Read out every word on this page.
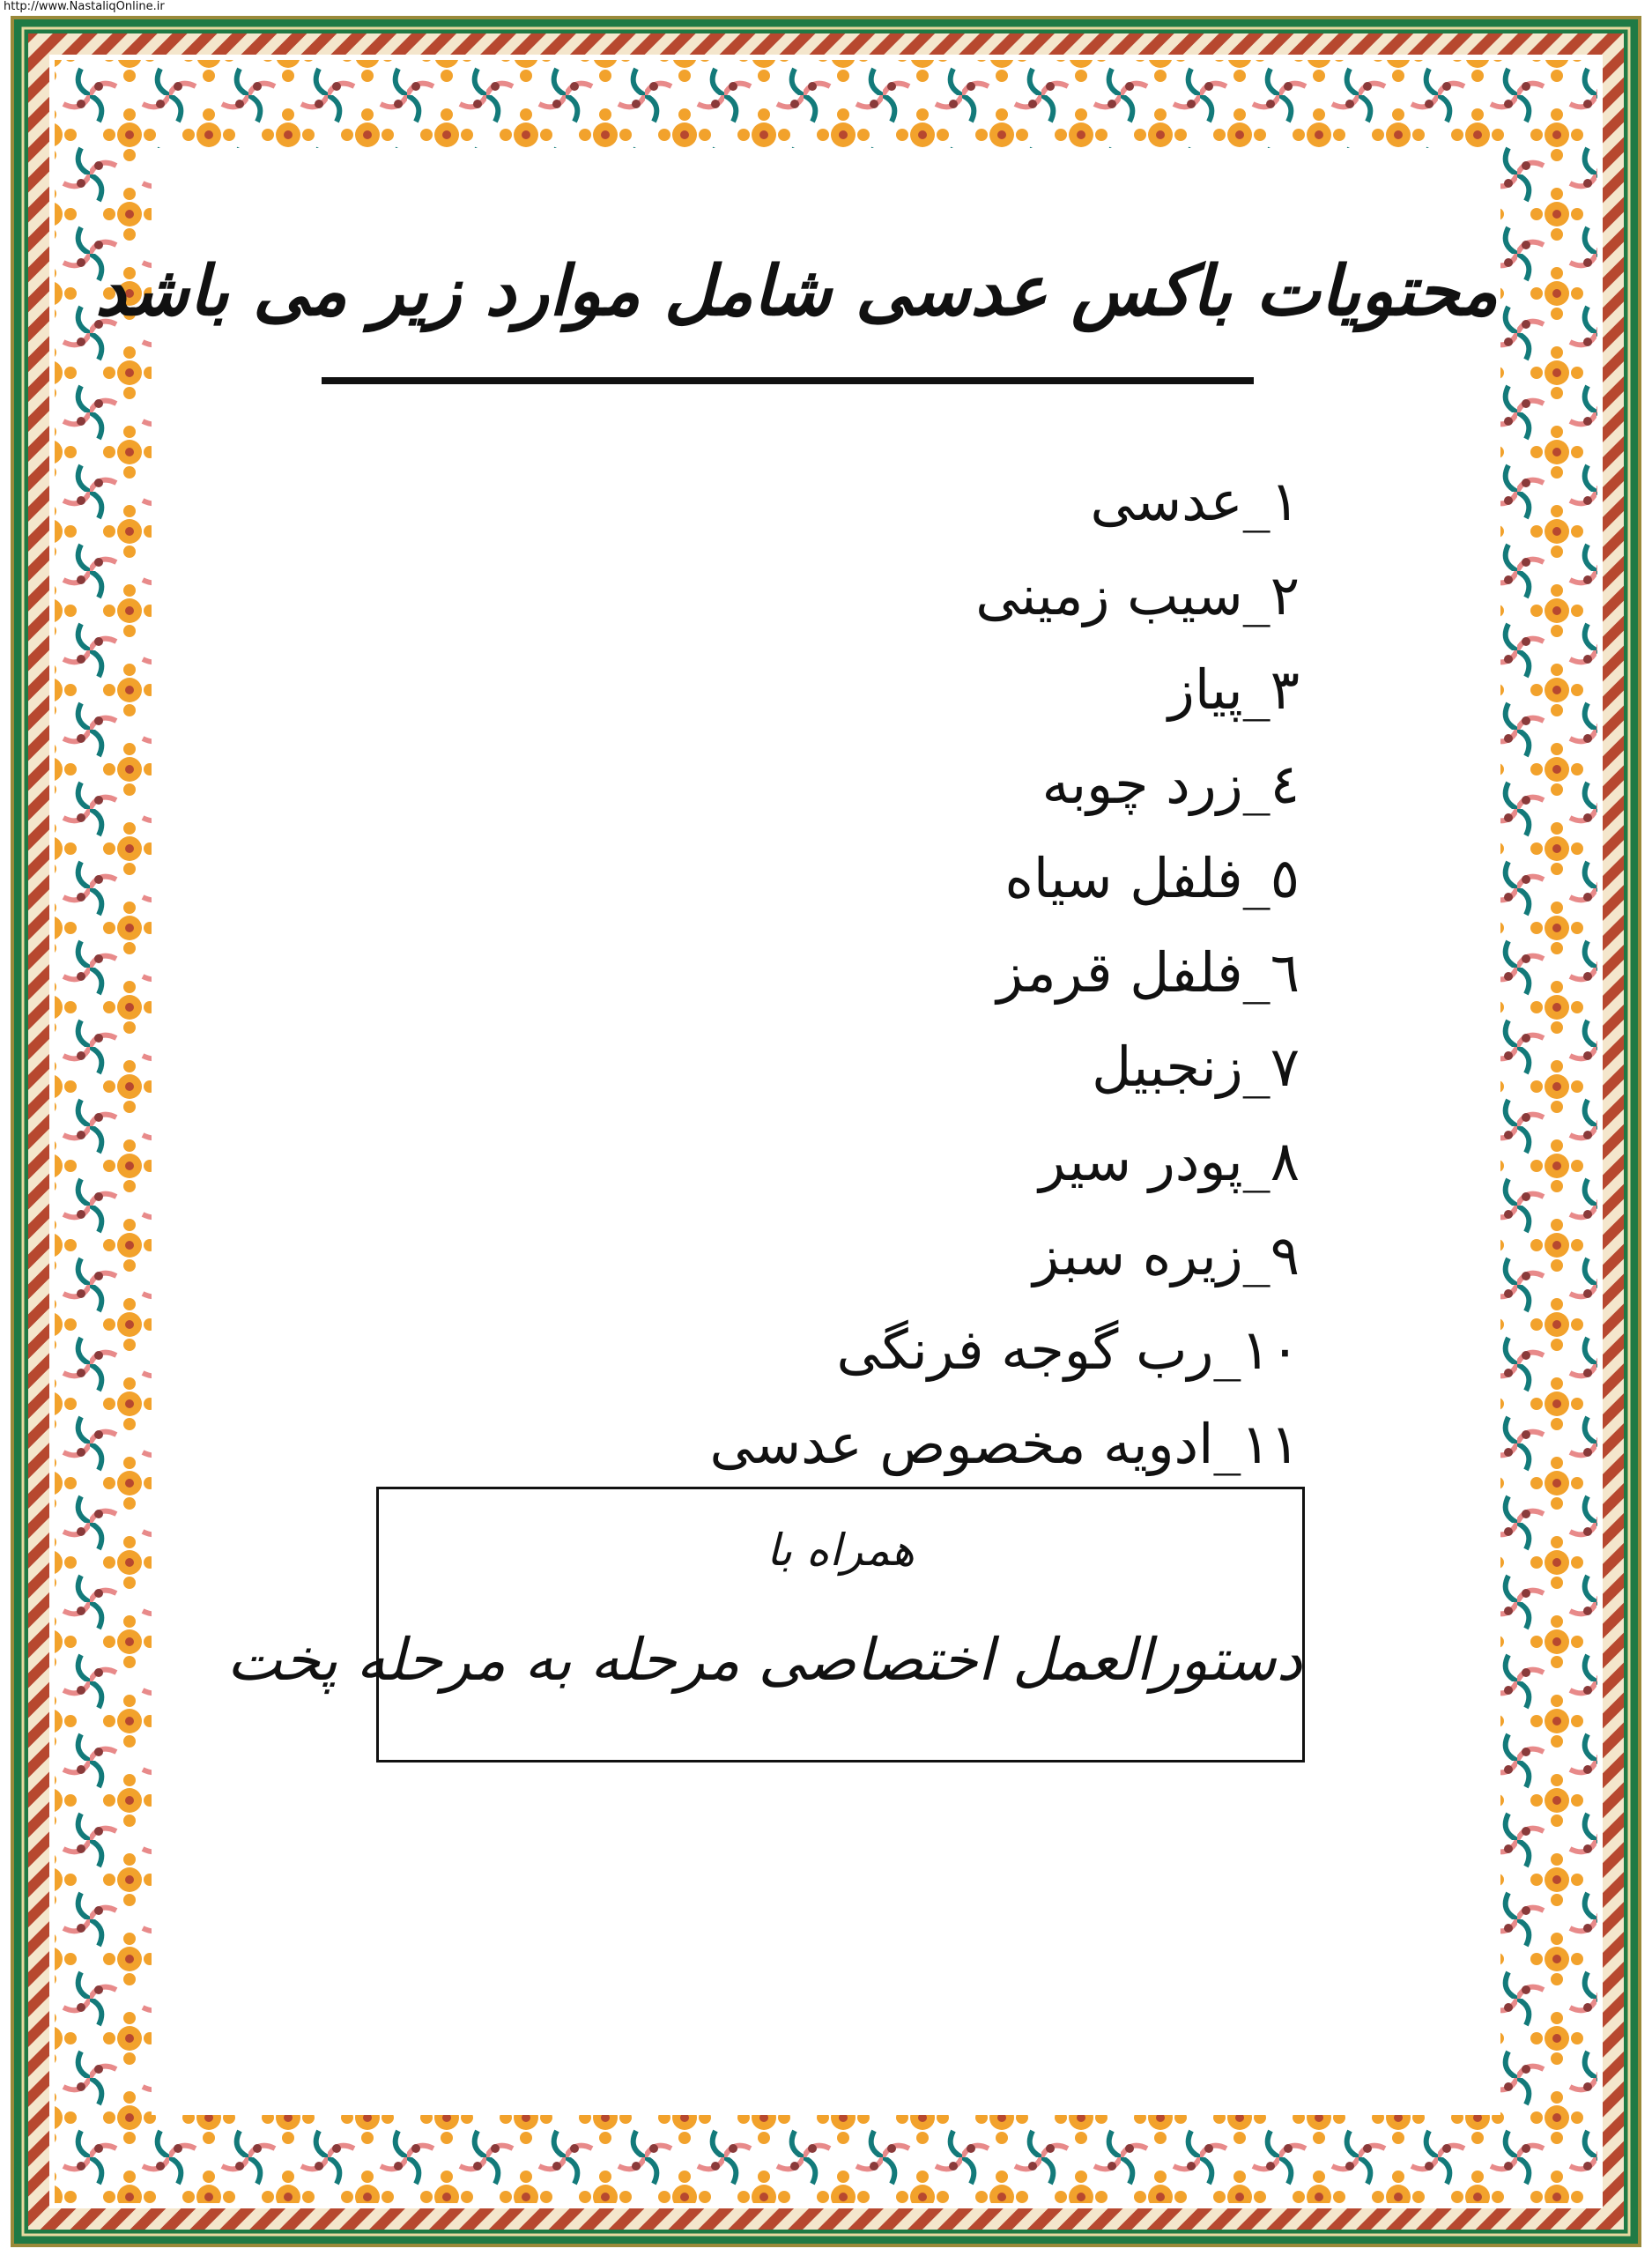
http://www.NastaliqOnline.ir
محتویات باکس عدسی شامل موارد زیر می باشد
۱_عدسی
۲_سیب زمینی
۳_پیاز
٤_زرد چوبه
٥_فلفل سیاه
٦_فلفل قرمز
٧_زنجبیل
٨_پودر سیر
۹_زیره سبز
۱۰_رب گوجه فرنگی
۱۱_ادویه مخصوص عدسی
همراه با
دستورالعمل اختصاصی مرحله به مرحله پخت
